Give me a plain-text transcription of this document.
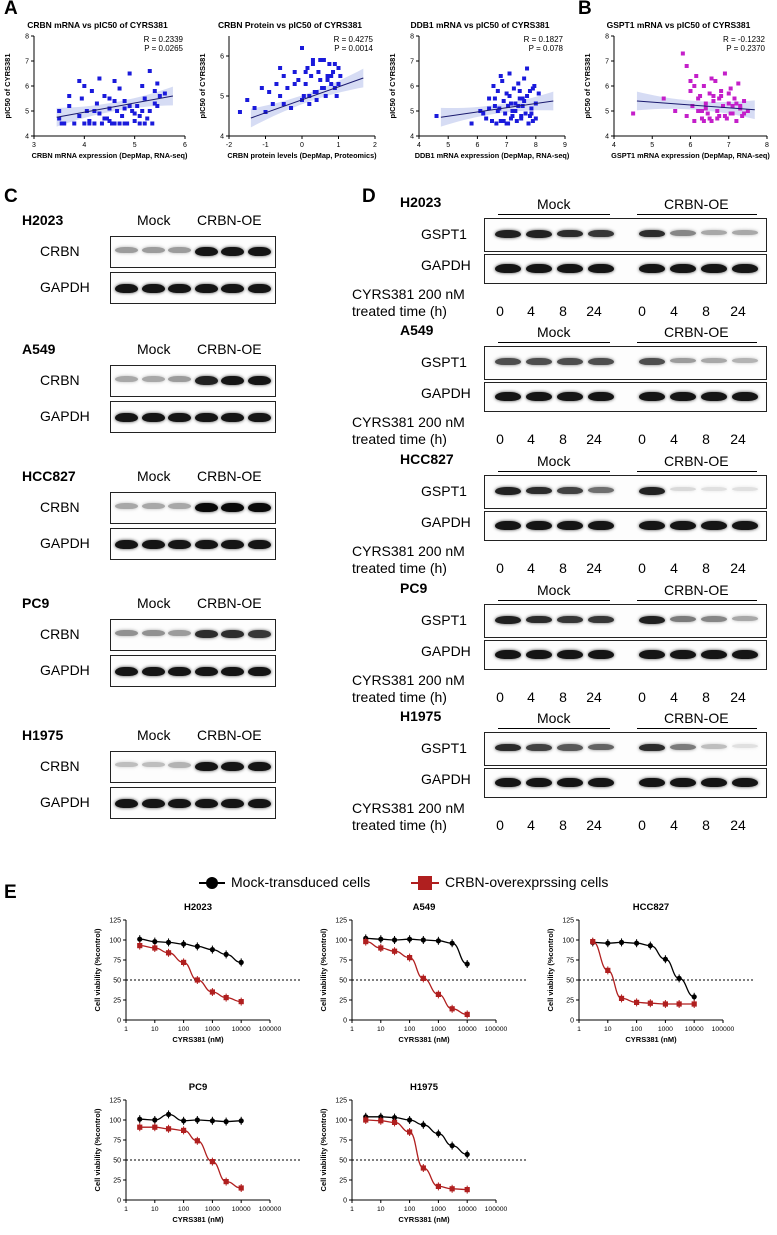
A	B
C	D
E
CRBN mRNA vs pIC50 of CYRS381
R = 0.2339
P = 0.0265
3	4	5	6
4
5
6
7
8
CRBN mRNA expression (DepMap, RNA-seq)
pIC50 of CYRS381
CRBN Protein vs pIC50 of CYRS381
R = 0.4275
P = 0.0014
-2	-1	0	1	2
4
5
6
CRBN protein levels (DepMap, Proteomics)
pIC50 of CYRS381
DDB1 mRNA vs pIC50 of CYRS381
R = 0.1827
P = 0.078
4	5	6	7	8	9
4
5
6
7
8
DDB1 mRNA expression (DepMap, RNA-seq)
pIC50 of CYRS381
GSPT1 mRNA vs pIC50 of CYRS381
R = -0.1232
P = 0.2370
4	5	6	7	8
4
5
6
7
8
GSPT1 mRNA expression (DepMap, RNA-seq)
pIC50 of CYRS381
H2023	Mock CRBN-OE
CRBN
GAPDH
A549	Mock CRBN-OE
CRBN
GAPDH
HCC827	Mock CRBN-OE
CRBN
GAPDH
PC9	Mock CRBN-OE
CRBN
GAPDH
H1975	Mock CRBN-OE
CRBN
GAPDH
H2023	Mock	CRBN-OE
GSPT1
GAPDH
CYRS381 200 nM
treated time (h)	0	4	8	24	0	4	8	24
A549	Mock	CRBN-OE
GSPT1
GAPDH
CYRS381 200 nM
treated time (h)	0	4	8	24	0	4	8	24
HCC827	Mock	CRBN-OE
GSPT1
GAPDH
CYRS381 200 nM
treated time (h)	0	4	8	24	0	4	8	24
PC9	Mock	CRBN-OE
GSPT1
GAPDH
CYRS381 200 nM
treated time (h)	0	4	8	24	0	4	8	24
H1975	Mock	CRBN-OE
GSPT1
GAPDH
CYRS381 200 nM
treated time (h)	0	4	8	24	0	4	8	24
Mock-transduced cells	CRBN-overexprssing cells
H2023
1	10	100 1000 10000 100000
0
25
50
75
100
125
CYRS381 (nM)
Cell viability (%control)
A549
1	10	100 1000 10000 100000
0
25
50
75
100
125
CYRS381 (nM)
Cell viability (%control)
HCC827
1	10	100 1000 10000 100000
0
25
50
75
100
125
CYRS381 (nM)
Cell viability (%control)
PC9
1	10	100 1000 10000 100000
0
25
50
75
100
125
CYRS381 (nM)
Cell viability (%control)
H1975
1	10	100 1000 10000 100000
0
25
50
75
100
125
CYRS381 (nM)
Cell viability (%control)
